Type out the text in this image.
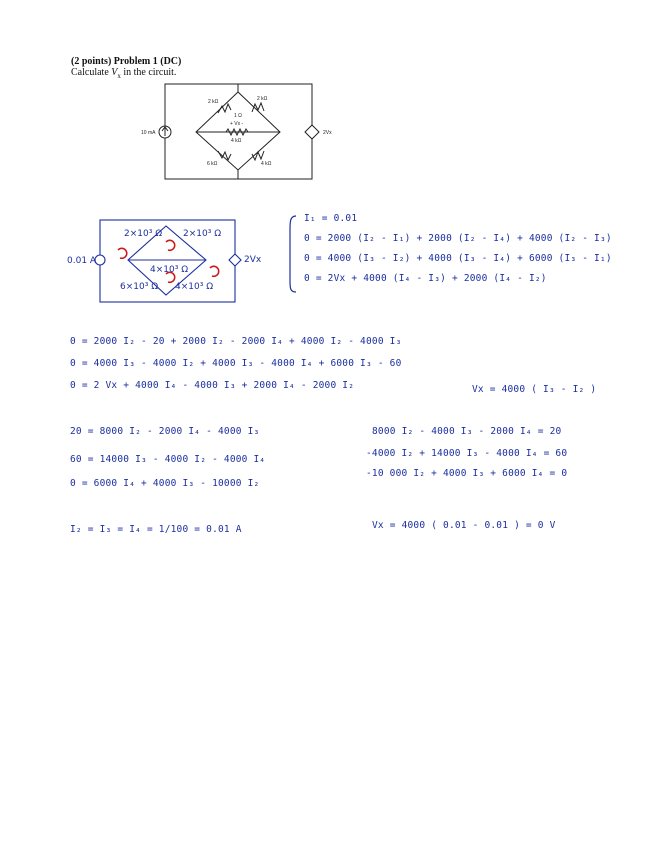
(2 points) Problem 1 (DC)
Calculate $V_x$ in the circuit.
2 kΩ	2 kΩ
1 Ω
+ Vx -
4 kΩ
6 kΩ	4 kΩ
10 mA	2Vx
2×10³ Ω 2×10³ Ω
6×10³ Ω 4×10³ Ω
4×10³ Ω
0.01 A	2Vx
I₁ = 0.01
0 = 2000 (I₂ - I₁) + 2000 (I₂ - I₄) + 4000 (I₂ - I₃)
0 = 4000 (I₃ - I₂) + 4000 (I₃ - I₄) + 6000 (I₃ - I₁)
0 = 2Vx + 4000 (I₄ - I₃) + 2000 (I₄ - I₂)
0 = 2000 I₂ - 20 + 2000 I₂ - 2000 I₄ + 4000 I₂ - 4000 I₃
0 = 4000 I₃ - 4000 I₂ + 4000 I₃ - 4000 I₄ + 6000 I₃ - 60
0 = 2 Vx + 4000 I₄ - 4000 I₃ + 2000 I₄ - 2000 I₂	Vx = 4000 ( I₃ - I₂ )
20 = 8000 I₂ - 2000 I₄ - 4000 I₃
60 = 14000 I₃ - 4000 I₂ - 4000 I₄
0 = 6000 I₄ + 4000 I₃ - 10000 I₂
8000 I₂ - 4000 I₃ - 2000 I₄ = 20
-4000 I₂ + 14000 I₃ - 4000 I₄ = 60
-10 000 I₂ + 4000 I₃ + 6000 I₄ = 0
I₂ = I₃ = I₄ = 1/100 = 0.01 A	Vx = 4000 ( 0.01 - 0.01 ) = 0 V
